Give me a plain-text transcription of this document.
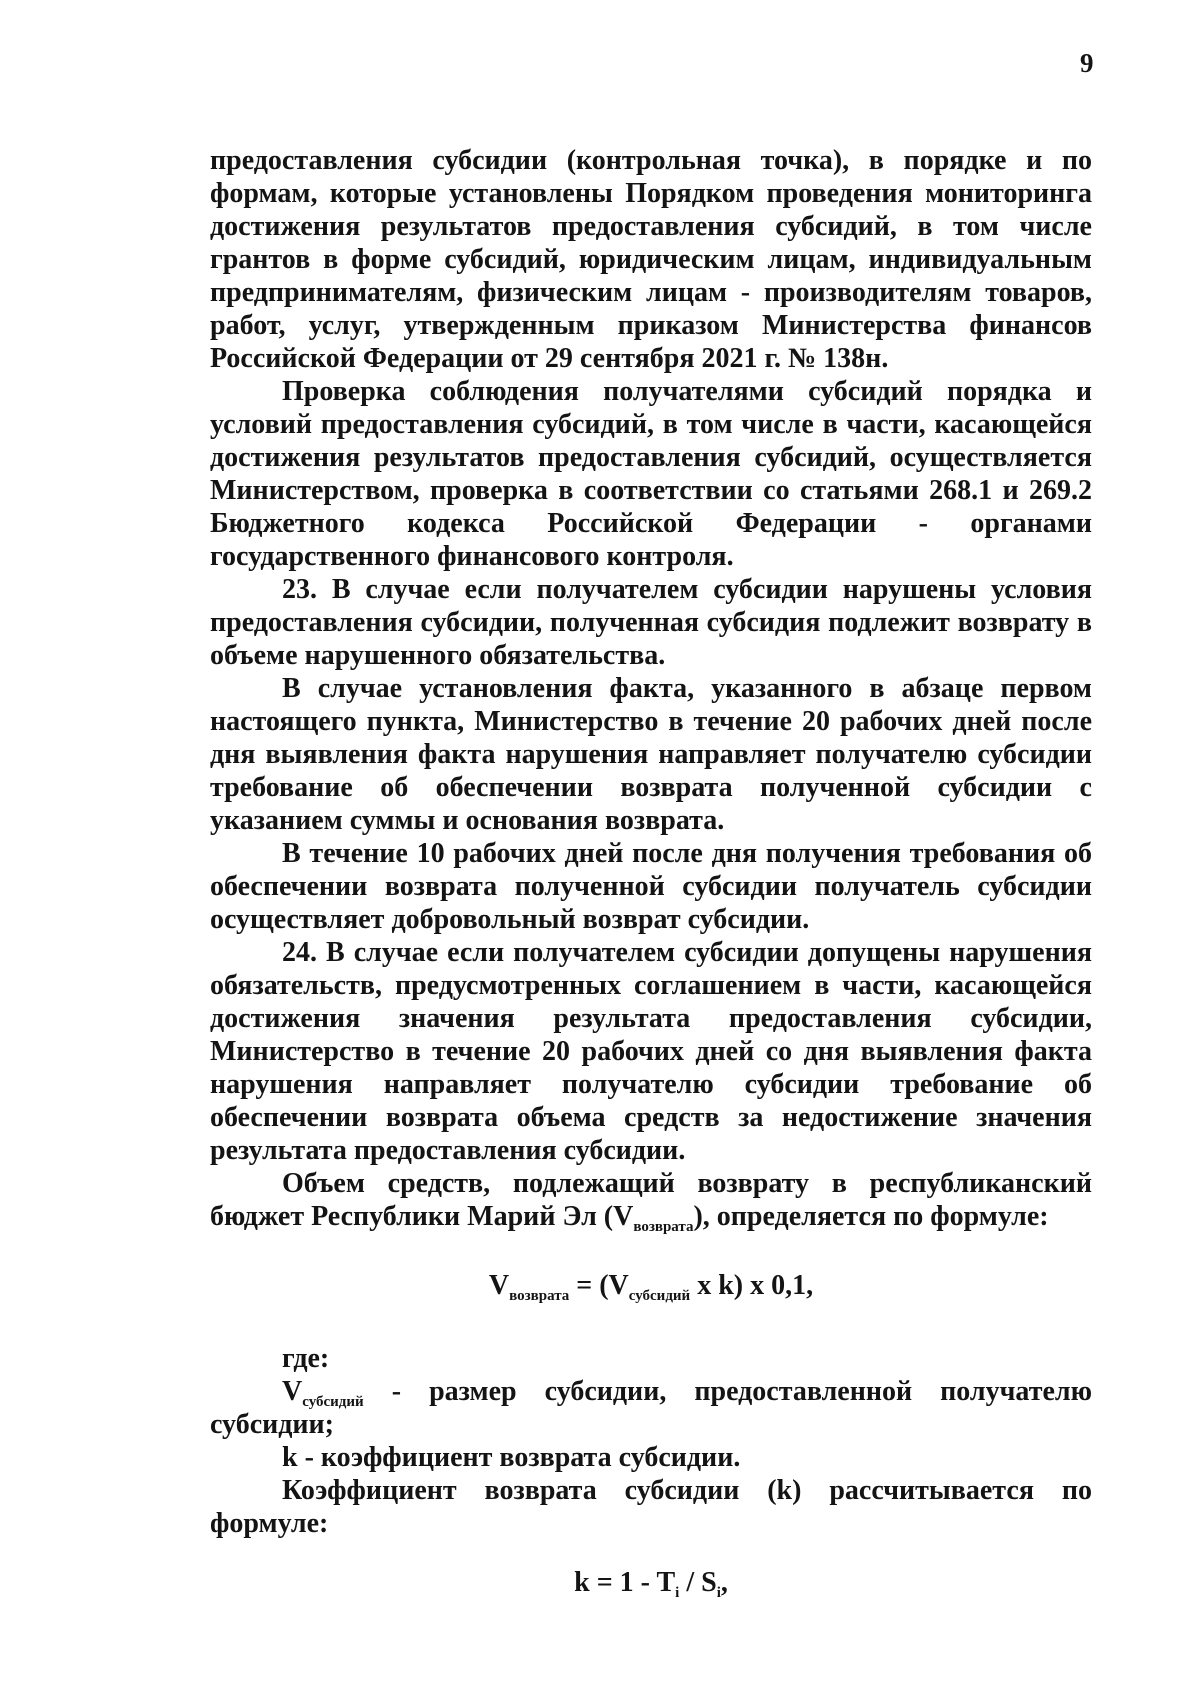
9

предоставления субсидии (контрольная точка), в порядке и по формам, которые установлены Порядком проведения мониторинга достижения результатов предоставления субсидий, в том числе грантов в форме субсидий, юридическим лицам, индивидуальным предпринимателям, физическим лицам - производителям товаров, работ, услуг, утвержденным приказом Министерства финансов Российской Федерации от 29 сентября 2021 г. № 138н.

Проверка соблюдения получателями субсидий порядка и условий предоставления субсидий, в том числе в части, касающейся достижения результатов предоставления субсидий, осуществляется Министерством, проверка в соответствии со статьями 268.1 и 269.2 Бюджетного кодекса Российской Федерации - органами государственного финансового контроля.

23. В случае если получателем субсидии нарушены условия предоставления субсидии, полученная субсидия подлежит возврату в объеме нарушенного обязательства.

В случае установления факта, указанного в абзаце первом настоящего пункта, Министерство в течение 20 рабочих дней после дня выявления факта нарушения направляет получателю субсидии требование об обеспечении возврата полученной субсидии с указанием суммы и основания возврата.

В течение 10 рабочих дней после дня получения требования об обеспечении возврата полученной субсидии получатель субсидии осуществляет добровольный возврат субсидии.

24. В случае если получателем субсидии допущены нарушения обязательств, предусмотренных соглашением в части, касающейся достижения значения результата предоставления субсидии, Министерство в течение 20 рабочих дней со дня выявления факта нарушения направляет получателю субсидии требование об обеспечении возврата объема средств за недостижение значения результата предоставления субсидии.

Объем средств, подлежащий возврату в республиканский бюджет Республики Марий Эл $(V_{возврата})$, определяется по формуле:

$V_{возврата} = (V_{субсидий}$ x k) x 0,1,

где:

$V_{субсидий}$ - размер субсидии, предоставленной получателю субсидии;

k - коэффициент возврата субсидии.

Коэффициент возврата субсидии (k) рассчитывается по формуле:

$k = 1 - T_i / S_i$,
